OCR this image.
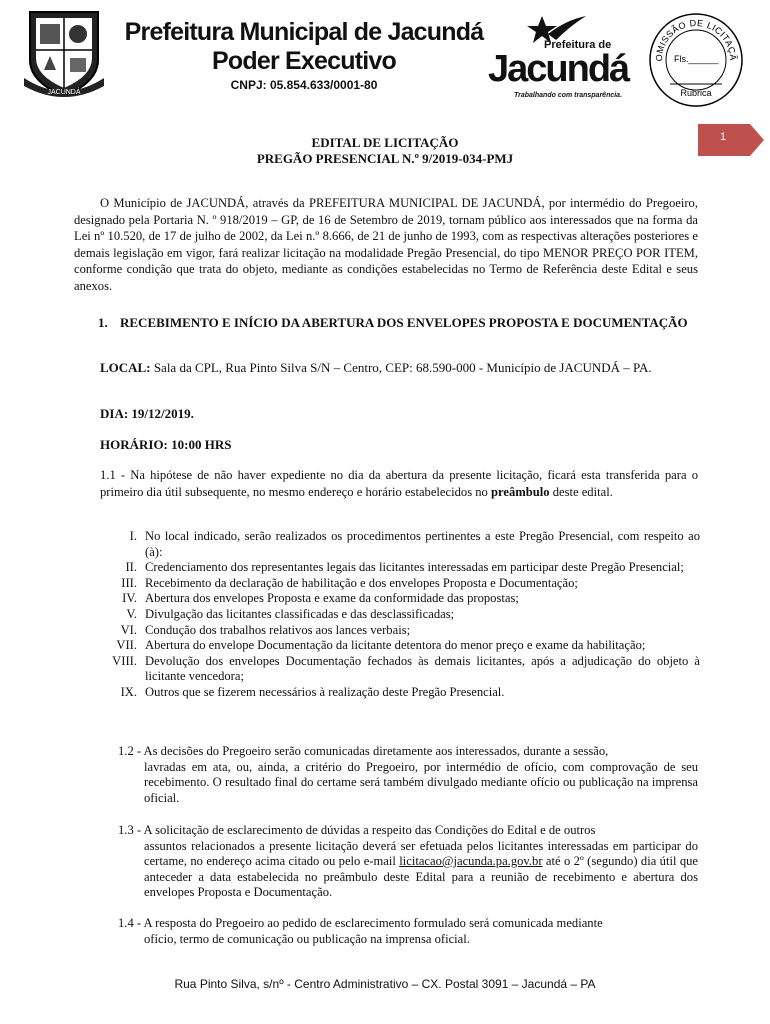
JACUNDÁ
Prefeitura Municipal de Jacundá
Poder Executivo
CNPJ: 05.854.633/0001-80
Prefeitura de
Jacundá
Trabalhando com transparência.
OMISSÃO DE LICITAÇÃ
Fls.______
Rubrica
1
EDITAL DE LICITAÇÃO
PREGÃO PRESENCIAL N.º 9/2019-034-PMJ
O Município de JACUNDÁ, através da PREFEITURA MUNICIPAL DE JACUNDÁ, por intermédio do Pregoeiro, designado pela Portaria N. º 918/2019 – GP, de 16 de Setembro de 2019, tornam público aos interessados que na forma da Lei nº 10.520, de 17 de julho de 2002, da Lei n.º 8.666, de 21 de junho de 1993, com as respectivas alterações posteriores e demais legislação em vigor, fará realizar licitação na modalidade Pregão Presencial, do tipo MENOR PREÇO POR ITEM, conforme condição que trata do objeto, mediante as condições estabelecidas no Termo de Referência deste Edital e seus anexos.
1. RECEBIMENTO E INÍCIO DA ABERTURA DOS ENVELOPES PROPOSTA E DOCUMENTAÇÃO
LOCAL: Sala da CPL, Rua Pinto Silva S/N – Centro, CEP: 68.590-000 - Município de JACUNDÁ – PA.
DIA: 19/12/2019.
HORÁRIO: 10:00 HRS
1.1 - Na hipótese de não haver expediente no dia da abertura da presente licitação, ficará esta transferida para o primeiro dia útil subsequente, no mesmo endereço e horário estabelecidos no preâmbulo deste edital.
I. No local indicado, serão realizados os procedimentos pertinentes a este Pregão Presencial, com respeito ao (à):
II. Credenciamento dos representantes legais das licitantes interessadas em participar deste Pregão Presencial;
III. Recebimento da declaração de habilitação e dos envelopes Proposta e Documentação;
IV. Abertura dos envelopes Proposta e exame da conformidade das propostas;
V. Divulgação das licitantes classificadas e das desclassificadas;
VI. Condução dos trabalhos relativos aos lances verbais;
VII. Abertura do envelope Documentação da licitante detentora do menor preço e exame da habilitação;
VIII. Devolução dos envelopes Documentação fechados às demais licitantes, após a adjudicação do objeto à licitante vencedora;
IX. Outros que se fizerem necessários à realização deste Pregão Presencial.
1.2 - As decisões do Pregoeiro serão comunicadas diretamente aos interessados, durante a sessão,
lavradas em ata, ou, ainda, a critério do Pregoeiro, por intermédio de ofício, com comprovação de seu recebimento. O resultado final do certame será também divulgado mediante ofício ou publicação na imprensa oficial.
1.3 - A solicitação de esclarecimento de dúvidas a respeito das Condições do Edital e de outros
assuntos relacionados a presente licitação deverá ser efetuada pelos licitantes interessadas em participar do certame, no endereço acima citado ou pelo e-mail licitacao@jacunda.pa.gov.br até o 2º (segundo) dia útil que anteceder a data estabelecida no preâmbulo deste Edital para a reunião de recebimento e abertura dos envelopes Proposta e Documentação.
1.4 - A resposta do Pregoeiro ao pedido de esclarecimento formulado será comunicada mediante
ofício, termo de comunicação ou publicação na imprensa oficial.
Rua Pinto Silva, s/nº - Centro Administrativo – CX. Postal 3091 – Jacundá – PA
